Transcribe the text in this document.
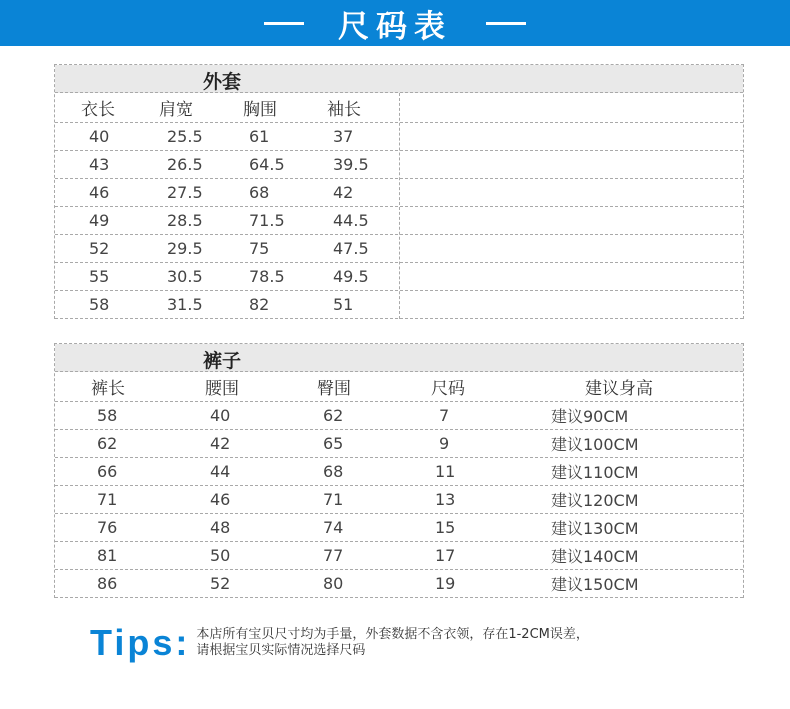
尺码表
外套
衣长	肩宽	胸围	袖长
40	25.5	61	37
43	26.5	64.5	39.5
46	27.5	68	42
49	28.5	71.5	44.5
52	29.5	75	47.5
55	30.5	78.5	49.5
58	31.5	82	51
裤子
裤长	腰围	臀围	尺码	建议身高
58	40	62	7	建议90CM
62	42	65	9	建议100CM
66	44	68	11	建议110CM
71	46	71	13	建议120CM
76	48	74	15	建议130CM
81	50	77	17	建议140CM
86	52	80	19	建议150CM
Tips: 本店所有宝贝尺寸均为手量，外套数据不含衣领，存在1-2CM误差，
请根据宝贝实际情况选择尺码
